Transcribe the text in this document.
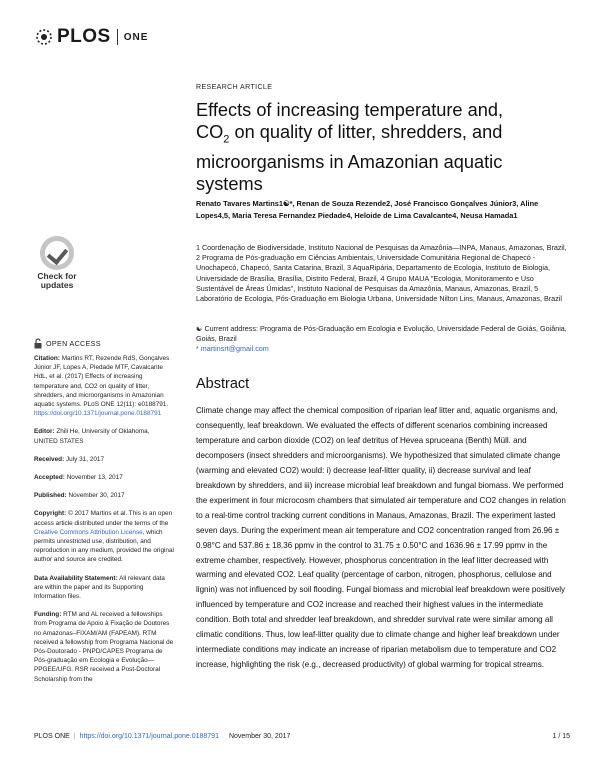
PLOS ONE
Check for updates
OPEN ACCESS
Citation: Martins RT, Rezende RdS, Gonçalves Júnior JF, Lopes A, Piedade MTF, Cavalcante HdL, et al. (2017) Effects of increasing temperature and, CO2 on quality of litter, shredders, and microorganisms in Amazonian aquatic systems. PLoS ONE 12(11): e0188791. https://doi.org/10.1371/journal.pone.0188791
Editor: Zhili He, University of Oklahoma, UNITED STATES
Received: July 31, 2017
Accepted: November 13, 2017
Published: November 30, 2017
Copyright: © 2017 Martins et al. This is an open access article distributed under the terms of the Creative Commons Attribution License, which permits unrestricted use, distribution, and reproduction in any medium, provided the original author and source are credited.
Data Availability Statement: All relevant data are within the paper and its Supporting Information files.
Funding: RTM and AL received a fellowships from Programa de Apoio à Fixação de Doutores no Amazonas–FIXAM/AM (FAPEAM). RTM received a fellowship from Programa Nacional de Pós-Doutorado - PNPD/CAPES Programa de Pós-graduação em Ecologia e Evolução—PPGEE/UFG. RSR received a Post-Doctoral Scholarship from the
RESEARCH ARTICLE
Effects of increasing temperature and,
$CO_2$ on quality of litter, shredders, and
microorganisms in Amazonian aquatic
systems
Renato Tavares Martins1☯*, Renan de Souza Rezende2, José Francisco Gonçalves Júnior3, Aline Lopes4,5, Maria Teresa Fernandez Piedade4, Heloide de Lima Cavalcante4, Neusa Hamada1
1 Coordenação de Biodiversidade, Instituto Nacional de Pesquisas da Amazônia—INPA, Manaus, Amazonas, Brazil, 2 Programa de Pós-graduação em Ciências Ambientais, Universidade Comunitária Regional de Chapecó - Unochapecó, Chapecó, Santa Catarina, Brazil, 3 AquaRipária, Departamento de Ecologia, Instituto de Biologia, Universidade de Brasília, Brasília, Distrito Federal, Brazil, 4 Grupo MAUA "Ecologia, Monitoramento e Uso Sustentável de Áreas Úmidas", Instituto Nacional de Pesquisas da Amazônia, Manaus, Amazonas, Brazil, 5 Laboratório de Ecologia, Pós-Graduação em Biologia Urbana, Universidade Nilton Lins, Manaus, Amazonas, Brazil
☯ Current address: Programa de Pós-Graduação em Ecologia e Evolução, Universidade Federal de Goiás, Goiânia, Goiás, Brazil
* martinsrt@gmail.com
Abstract
Climate change may affect the chemical composition of riparian leaf litter and, aquatic organisms and, consequently, leaf breakdown. We evaluated the effects of different scenarios combining increased temperature and carbon dioxide (CO2) on leaf detritus of Hevea spruceana (Benth) Müll. and decomposers (insect shredders and microorganisms). We hypothesized that simulated climate change (warming and elevated CO2) would: i) decrease leaf-litter quality, ii) decrease survival and leaf breakdown by shredders, and iii) increase microbial leaf breakdown and fungal biomass. We performed the experiment in four microcosm chambers that simulated air temperature and CO2 changes in relation to a real-time control tracking current conditions in Manaus, Amazonas, Brazil. The experiment lasted seven days. During the experiment mean air temperature and CO2 concentration ranged from 26.96 ± 0.98°C and 537.86 ± 18.36 ppmv in the control to 31.75 ± 0.50°C and 1636.96 ± 17.99 ppmv in the extreme chamber, respectively. However, phosphorus concentration in the leaf litter decreased with warming and elevated CO2. Leaf quality (percentage of carbon, nitrogen, phosphorus, cellulose and lignin) was not influenced by soil flooding. Fungal biomass and microbial leaf breakdown were positively influenced by temperature and CO2 increase and reached their highest values in the intermediate condition. Both total and shredder leaf breakdown, and shredder survival rate were similar among all climatic conditions. Thus, low leaf-litter quality due to climate change and higher leaf breakdown under intermediate conditions may indicate an increase of riparian metabolism due to temperature and CO2 increase, highlighting the risk (e.g., decreased productivity) of global warming for tropical streams.
PLOS ONE | https://doi.org/10.1371/journal.pone.0188791 November 30, 2017	1 / 15
